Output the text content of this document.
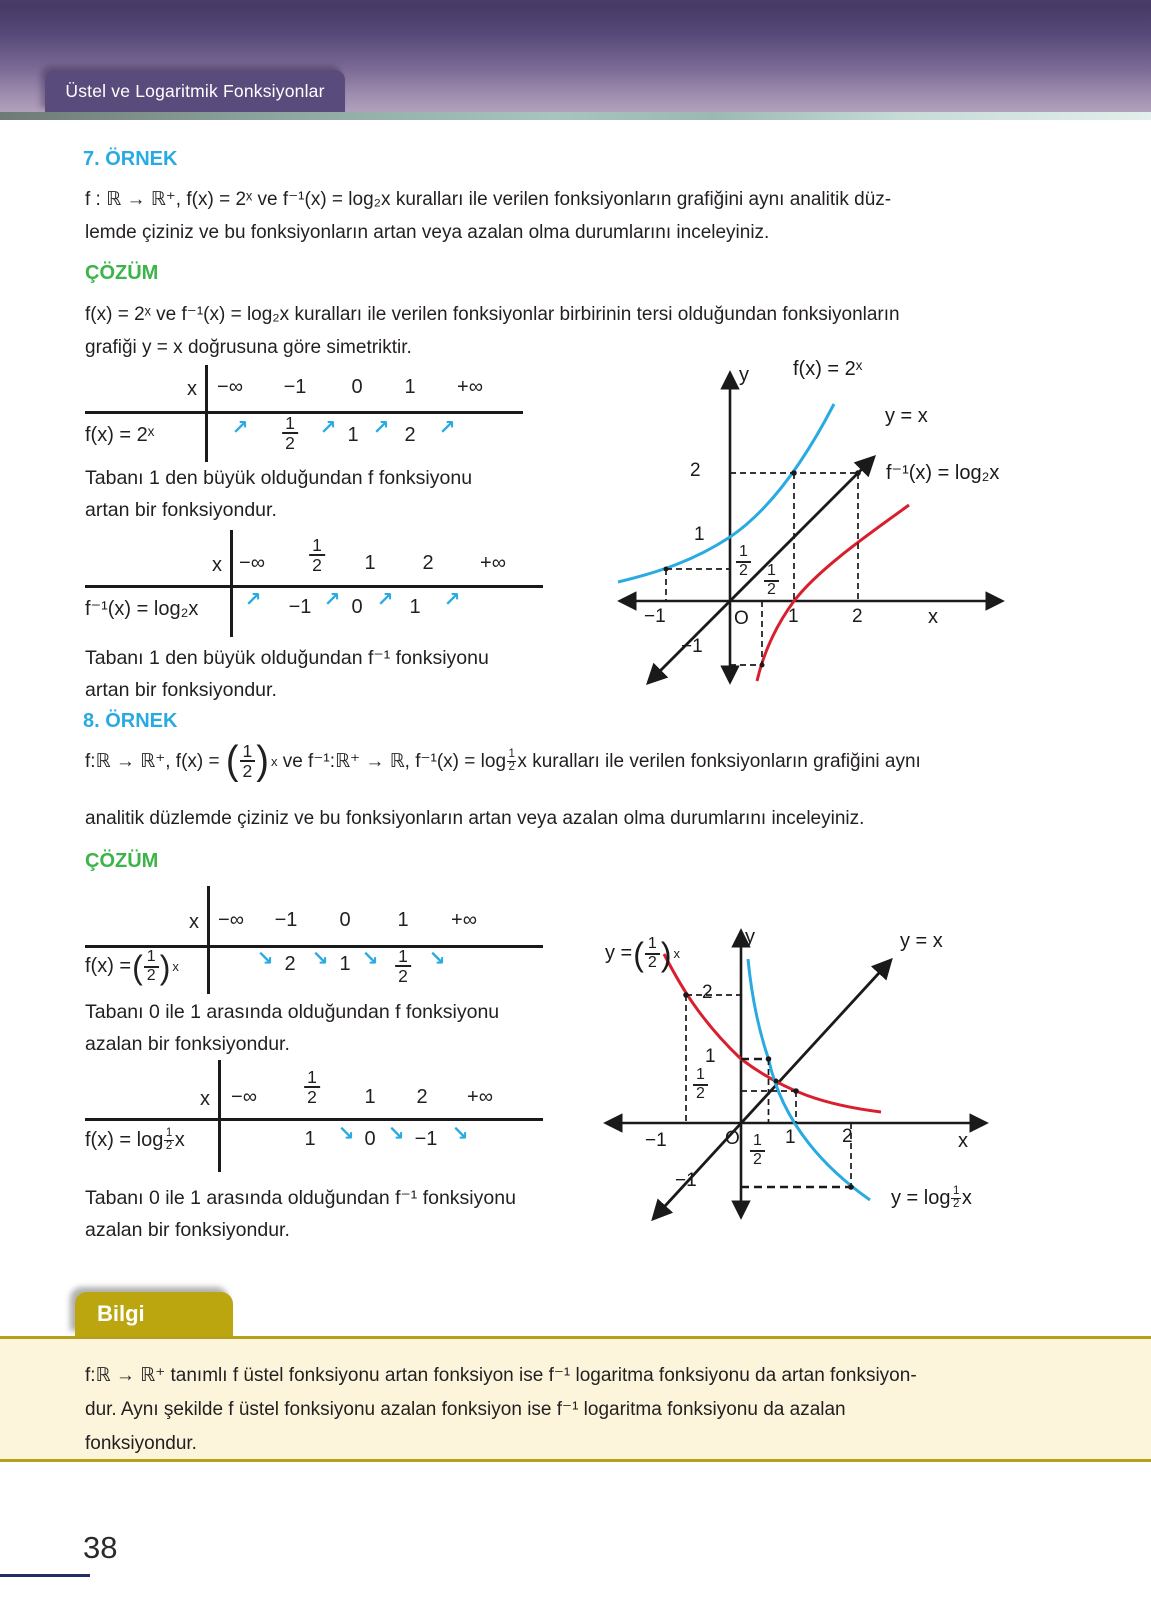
Üstel ve Logaritmik Fonksiyonlar
7. ÖRNEK
f : ℝ → ℝ⁺, f(x) = 2ˣ ve f⁻¹(x) = log₂x kuralları ile verilen fonksiyonların grafiğini aynı analitik düz-
lemde çiziniz ve bu fonksiyonların artan veya azalan olma durumlarını inceleyiniz.
ÇÖZÜM
f(x) = 2ˣ ve f⁻¹(x) = log₂x kuralları ile verilen fonksiyonlar birbirinin tersi olduğundan fonksiyonların
grafiği y = x doğrusuna göre simetriktir.
x −∞ −1 0 1 +∞
f(x) = 2ˣ	↗ $\frac{1}{2}$ ↗ 1 ↗ 2 ↗
Tabanı 1 den büyük olduğundan f fonksiyonu
artan bir fonksiyondur.
x −∞	$\frac{1}{2} 1$ 2 +∞
f⁻¹(x) = log₂x ↗ −1 ↗ 0 ↗ 1 ↗
Tabanı 1 den büyük olduğundan f⁻¹ fonksiyonu
artan bir fonksiyondur.
y
x
f(x) = 2ˣ
y = x
f⁻¹(x) = log₂x
2
1
$\frac{1}{2}$
$\frac{1}{2}$
−1	O 1	2
−1
8. ÖRNEK
f:ℝ → ℝ⁺, f(x) = ( $\frac{1}{2}$ ) x ve f⁻¹:ℝ⁺ → ℝ, f⁻¹(x) = log 1
2 x kuralları ile verilen fonksiyonların grafiğini aynı
analitik düzlemde çiziniz ve bu fonksiyonların artan veya azalan olma durumlarını inceleyiniz.
ÇÖZÜM
x −∞ −1 0 1 +∞
f(x) = ( $\frac{1}{2}$ ) x	↘ 2 ↘ 1 ↘ $\frac{1}{2}$ ↘
Tabanı 0 ile 1 arasında olduğundan f fonksiyonu
azalan bir fonksiyondur.
x −∞	$\frac{1}{2} 1$ 2 +∞
f(x) = log 1
2 x	1 ↘ 0 ↘ −1 ↘
Tabanı 0 ile 1 arasında olduğundan f⁻¹ fonksiyonu
azalan bir fonksiyondur.
y
x
y = x
y = ( $\frac{1}{2}$ ) x
y = log 1
2 x
2
1
$\frac{1}{2}$
−1
−1	O $\frac{1}{2} 1$ 2
Bilgi
f:ℝ → ℝ⁺ tanımlı f üstel fonksiyonu artan fonksiyon ise f⁻¹ logaritma fonksiyonu da artan fonksiyon-
dur. Aynı şekilde f üstel fonksiyonu azalan fonksiyon ise f⁻¹ logaritma fonksiyonu da azalan
fonksiyondur.
38
